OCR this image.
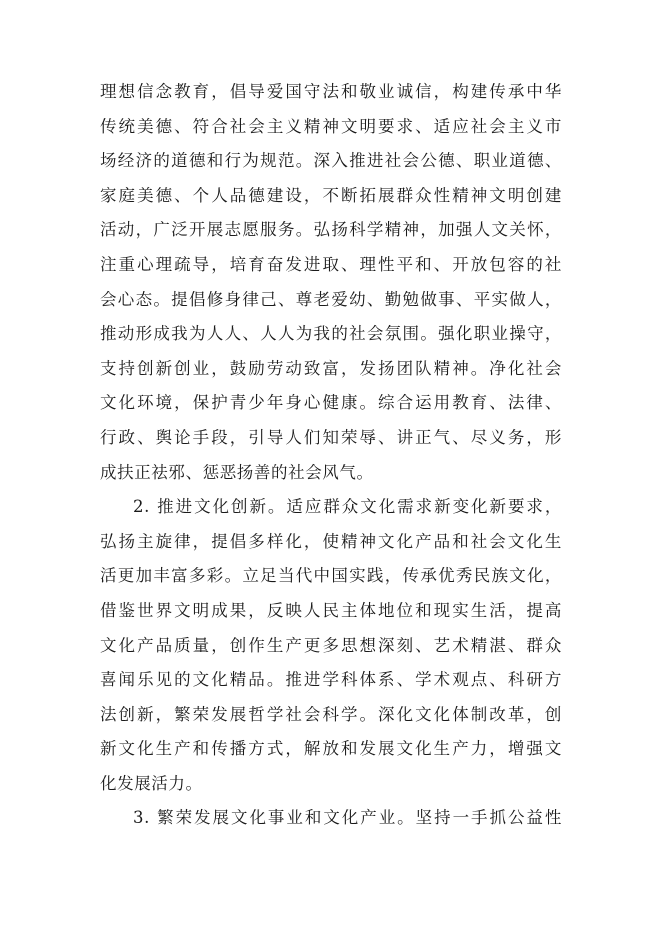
理想信念教育，倡导爱国守法和敬业诚信，构建传承中华
传统美德、符合社会主义精神文明要求、适应社会主义市
场经济的道德和行为规范。深入推进社会公德、职业道德、
家庭美德、个人品德建设，不断拓展群众性精神文明创建
活动，广泛开展志愿服务。弘扬科学精神，加强人文关怀，
注重心理疏导，培育奋发进取、理性平和、开放包容的社
会心态。提倡修身律己、尊老爱幼、勤勉做事、平实做人，
推动形成我为人人、人人为我的社会氛围。强化职业操守，
支持创新创业，鼓励劳动致富，发扬团队精神。净化社会
文化环境，保护青少年身心健康。综合运用教育、法律、
行政、舆论手段，引导人们知荣辱、讲正气、尽义务，形
成扶正祛邪、惩恶扬善的社会风气。
2. 推进文化创新。适应群众文化需求新变化新要求，
弘扬主旋律，提倡多样化，使精神文化产品和社会文化生
活更加丰富多彩。立足当代中国实践，传承优秀民族文化，
借鉴世界文明成果，反映人民主体地位和现实生活，提高
文化产品质量，创作生产更多思想深刻、艺术精湛、群众
喜闻乐见的文化精品。推进学科体系、学术观点、科研方
法创新，繁荣发展哲学社会科学。深化文化体制改革，创
新文化生产和传播方式，解放和发展文化生产力，增强文
化发展活力。
3. 繁荣发展文化事业和文化产业。坚持一手抓公益性
